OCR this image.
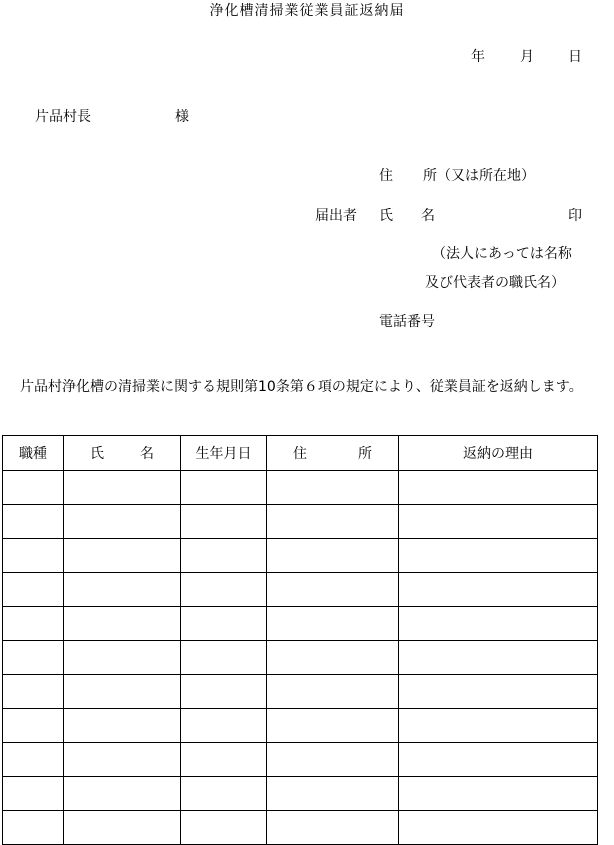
浄化槽清掃業従業員証返納届
年	月 日
片品村長	様
住 所（又は所在地）
届出者 氏　　名	印
（法人にあっては名称
及び代表者の職氏名）
電話番号
片品村浄化槽の清掃業に関する規則第10条第６項の規定により、従業員証を返納します。
職種	氏 名	生年月日	住 所	返納の理由
